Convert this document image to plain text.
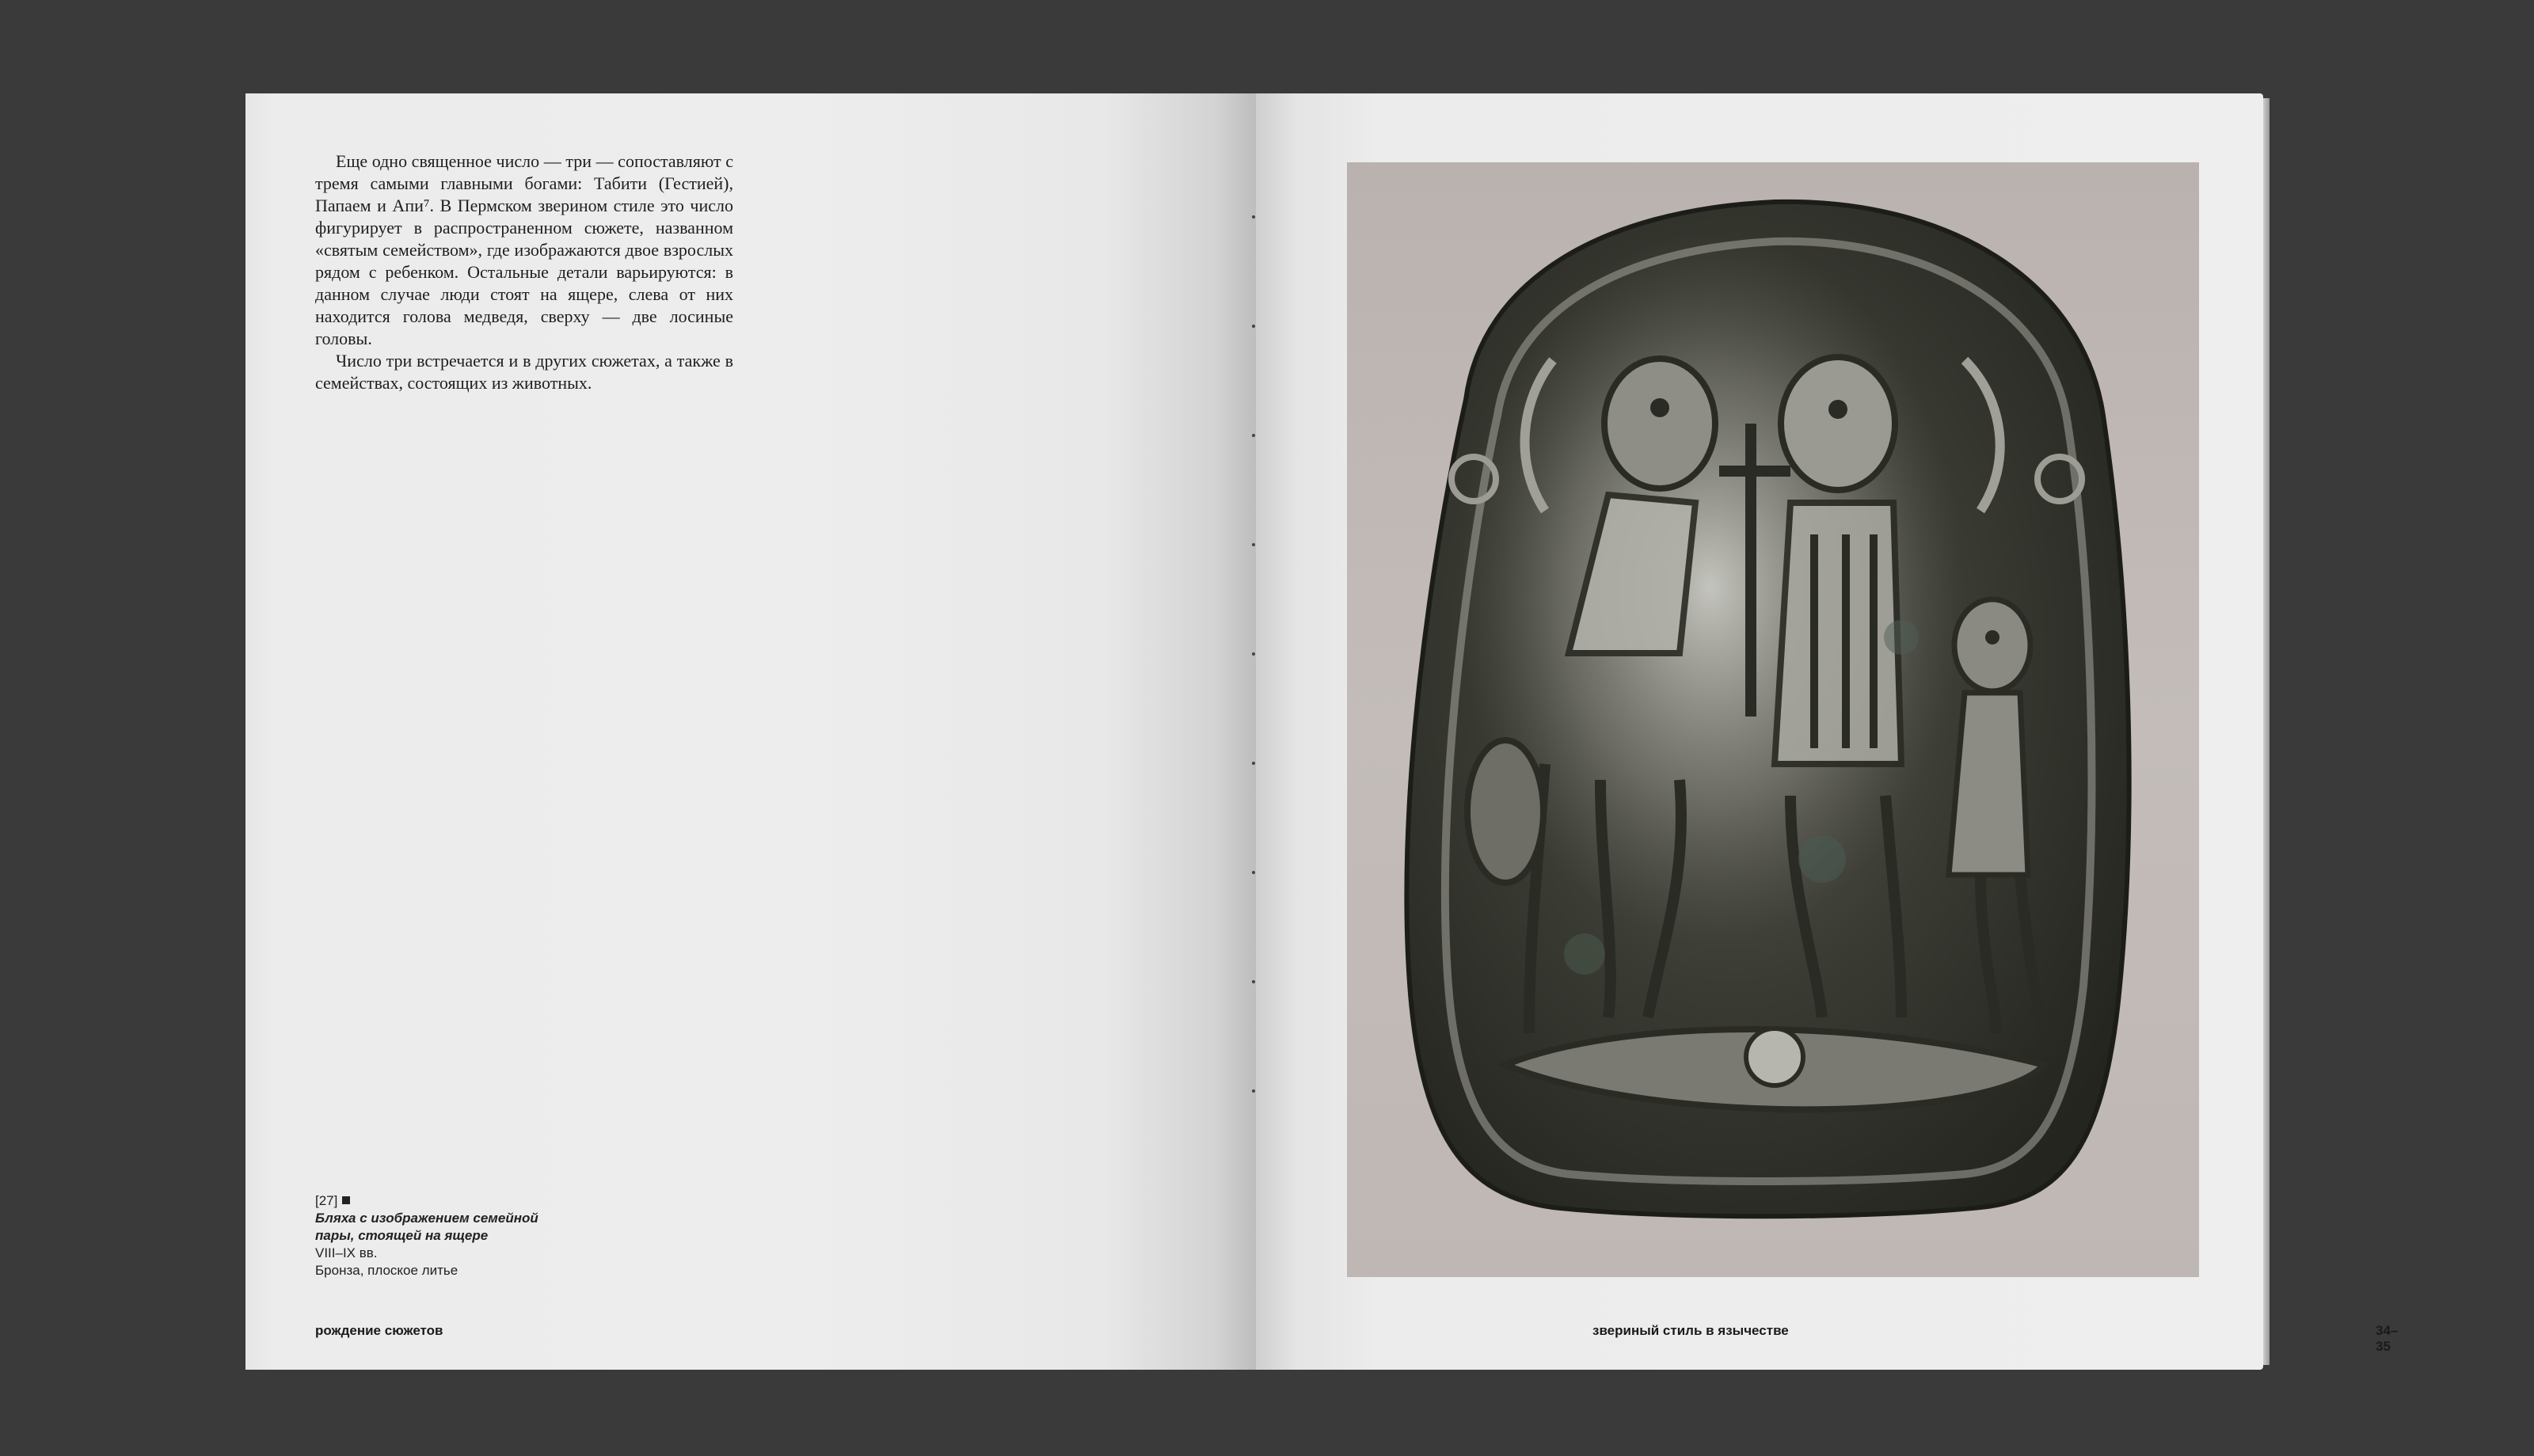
Еще одно священное число — три — сопоставляют с тремя самыми главными богами: Табити (Гестией), Папаем и Апи⁷. В Пермском зверином стиле это число фигурирует в распространенном сюжете, названном «святым семейством», где изображаются двое взрослых рядом с ребенком. Остальные детали варьируются: в данном случае люди стоят на ящере, слева от них находится голова медведя, сверху — две лосиные головы.

Число три встречается и в других сюжетах, а также в семействах, состоящих из животных.

[27]
Бляха с изображением семейной
пары, стоящей на ящере
VIII–IX вв.
Бронза, плоское литье
рождение сюжетов	звериный стиль в язычестве	34–35
